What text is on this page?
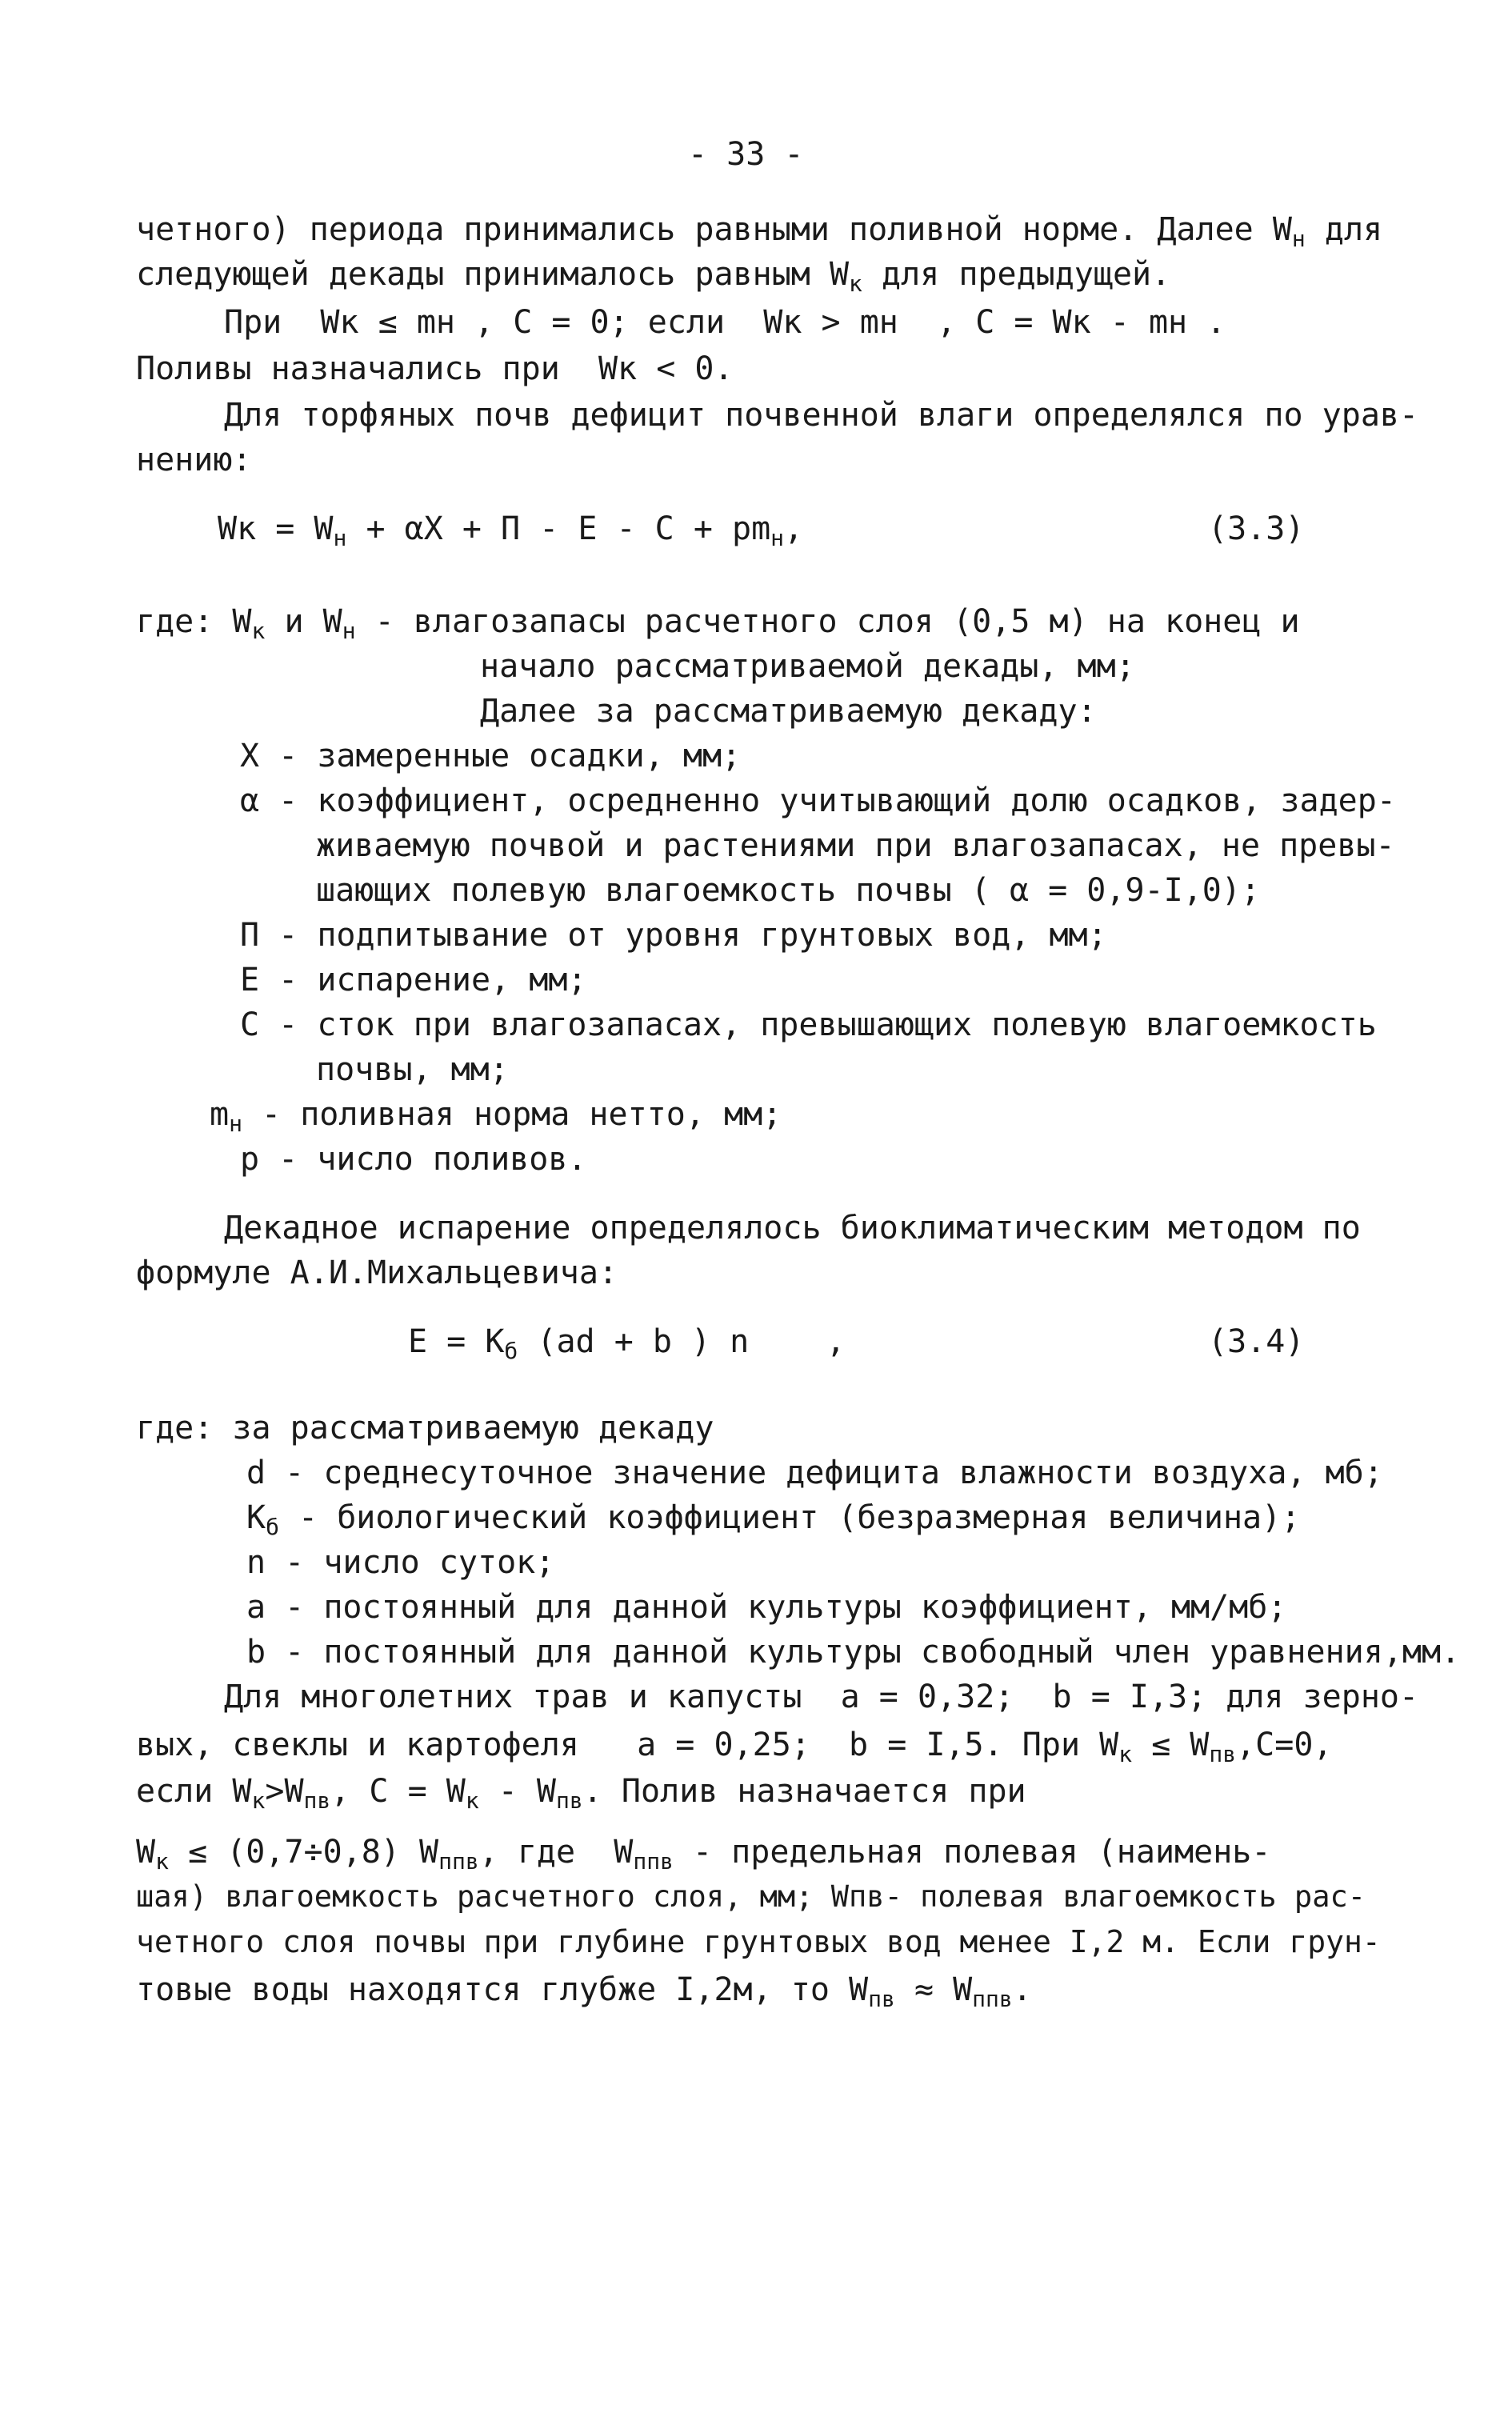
- 33 -
четного) периода принимались равными поливной норме. Далее $W_н$ для
следующей декады принималось равным $W_к$ для предыдущей.
При  Wк ≤ mн , C = 0; если  Wк > mн  , C = Wк - mн .
Поливы назначались при  Wк < 0.
Для торфяных почв дефицит почвенной влаги определялся по урав-
нению:
Wк = $W_н + \alpha X + П - Е - С + pm_н$,	(3.3)
где: $W_к$ и $W_н$ - влагозапасы расчетного слоя (0,5 м) на конец и
начало рассматриваемой декады, мм;
Далее за рассматриваемую декаду:
X - замеренные осадки, мм;
α - коэффициент, осредненно учитывающий долю осадков, задер-
живаемую почвой и растениями при влагозапасах, не превы-
шающих полевую влагоемкость почвы ( α = 0,9-I,0);
П - подпитывание от уровня грунтовых вод, мм;
Е - испарение, мм;
С - сток при влагозапасах, превышающих полевую влагоемкость
почвы, мм;
$m_н$ - поливная норма нетто, мм;
p - число поливов.
Декадное испарение определялось биоклиматическим методом по
формуле А.И.Михальцевича:
$E = K_б$ (ad + b ) n    ,	(3.4)
где: за рассматриваемую декаду
d - среднесуточное значение дефицита влажности воздуха, мб;
$K_б$ - биологический коэффициент (безразмерная величина);
n - число суток;
a - постоянный для данной культуры коэффициент, мм/мб;
b - постоянный для данной культуры свободный член уравнения,мм.
Для многолетних трав и капусты  a = 0,32;  b = I,3; для зерно-
вых, свеклы и картофеля   a = 0,25;  b = I,5. При $W_к \le W_{пв},C=0$,
если $W_к>W_{пв}$, $C = W_к - W_{пв}$. Полив назначается при
$W_к \le (0,7\div 0,8)$ $W_{ппв}$, где  $W_{ппв}$ - предельная полевая (наимень-
шая) влагоемкость расчетного слоя, мм; Wпв- полевая влагоемкость рас-
четного слоя почвы при глубине грунтовых вод менее I,2 м. Если грун-
товые воды находятся глубже I,2м, то $W_{пв} \approx W_{ппв}$.
